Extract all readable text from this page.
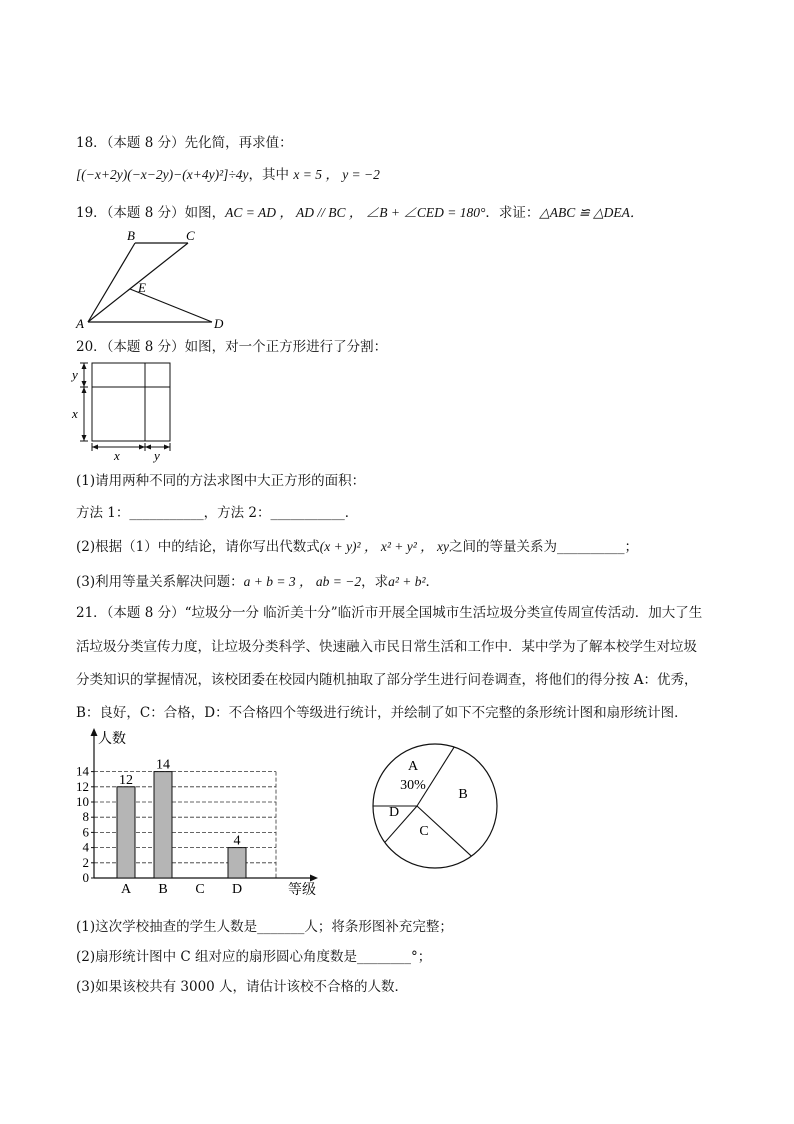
18．（本题 8 分）先化简，再求值：
[(−x+2y)(−x−2y)−(x+4y)²]÷4y，其中 x = 5 ， y = −2
19．（本题 8 分）如图，AC = AD ， AD // BC ， ∠B + ∠CED = 180°．求证：△ABC ≌ △DEA．
A
B	C
D
E
20．（本题 8 分）如图，对一个正方形进行了分割：
y
x
x	y
(1)请用两种不同的方法求图中大正方形的面积：
方法 1：___________，方法 2：___________．
(2)根据（1）中的结论，请你写出代数式(x + y)² ， x² + y² ， xy之间的等量关系为__________；
(3)利用等量关系解决问题：a + b = 3 ， ab = −2，求a² + b²．
21．（本题 8 分）“垃圾分一分 临沂美十分”临沂市开展全国城市生活垃圾分类宣传周宣传活动．加大了生
活垃圾分类宣传力度，让垃圾分类科学、快速融入市民日常生活和工作中．某中学为了解本校学生对垃圾
分类知识的掌握情况，该校团委在校园内随机抽取了部分学生进行问卷调查，将他们的得分按 A：优秀，
B：良好，C：合格，D：不合格四个等级进行统计，并绘制了如下不完整的条形统计图和扇形统计图．
0
2
4
6
8
10
12
14
人数
等级
12
A
14
B C
4
D
A
30%
B
C
D
(1)这次学校抽查的学生人数是_______人；将条形图补充完整；
(2)扇形统计图中 C 组对应的扇形圆心角度数是________°；
(3)如果该校共有 3000 人，请估计该校不合格的人数．
